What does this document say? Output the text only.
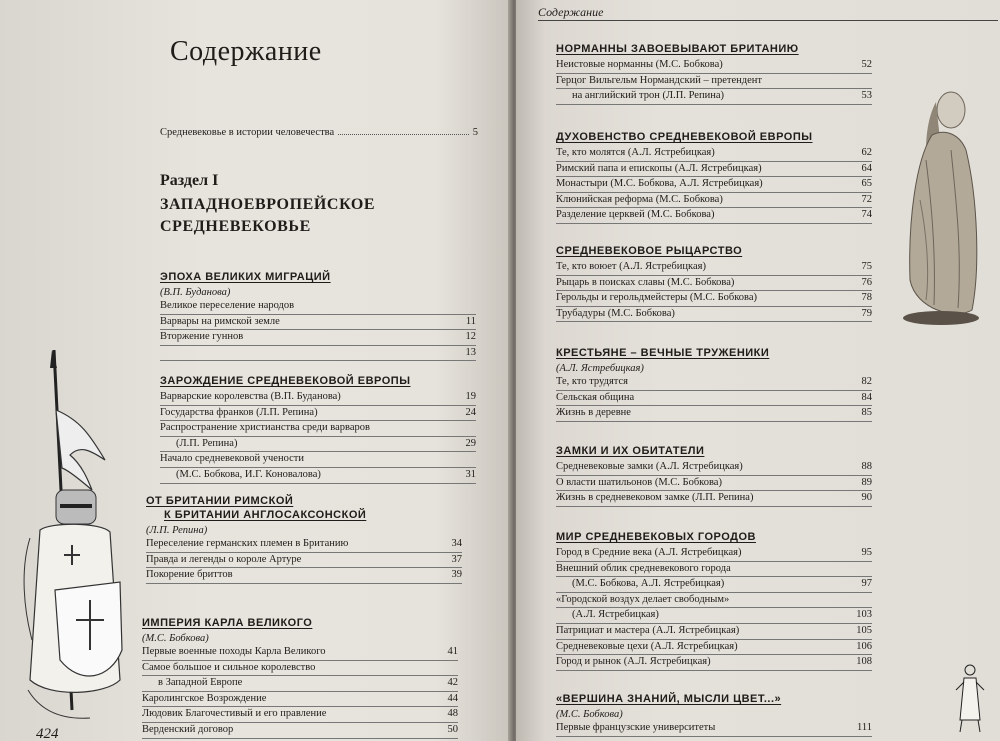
Содержание
Средневековье в истории человечества	5
Раздел I
ЗАПАДНОЕВРОПЕЙСКОЕ
СРЕДНЕВЕКОВЬЕ
ЭПОХА ВЕЛИКИХ МИГРАЦИЙ
(В.П. Буданова)
Великое переселение народов
Варвары на римской земле	11
Вторжение гуннов	12
13
ЗАРОЖДЕНИЕ СРЕДНЕВЕКОВОЙ ЕВРОПЫ
Варварские королевства (В.П. Буданова)	19
Государства франков (Л.П. Репина)	24
Распространение христианства среди варваров
(Л.П. Репина)	29
Начало средневековой учености
(М.С. Бобкова, И.Г. Коновалова)	31
ОТ БРИТАНИИ РИМСКОЙ
К БРИТАНИИ АНГЛОСАКСОНСКОЙ
(Л.П. Репина)
Переселение германских племен в Британию	34
Правда и легенды о короле Артуре	37
Покорение бриттов	39
ИМПЕРИЯ КАРЛА ВЕЛИКОГО
(М.С. Бобкова)
Первые военные походы Карла Великого	41
Самое большое и сильное королевство
в Западной Европе	42
Каролингское Возрождение	44
Людовик Благочестивый и его правление	48
Верденский договор	50
424
Содержание
НОРМАННЫ ЗАВОЕВЫВАЮТ БРИТАНИЮ
Неистовые норманны (М.С. Бобкова)	52
Герцог Вильгельм Нормандский – претендент
на английский трон (Л.П. Репина)	53
ДУХОВЕНСТВО СРЕДНЕВЕКОВОЙ ЕВРОПЫ
Те, кто молятся (А.Л. Ястребицкая)	62
Римский папа и епископы (А.Л. Ястребицкая)	64
Монастыри (М.С. Бобкова, А.Л. Ястребицкая)	65
Клюнийская реформа (М.С. Бобкова)	72
Разделение церквей (М.С. Бобкова)	74
СРЕДНЕВЕКОВОЕ РЫЦАРСТВО
Те, кто воюет (А.Л. Ястребицкая)	75
Рыцарь в поисках славы (М.С. Бобкова)	76
Герольды и герольдмейстеры (М.С. Бобкова)	78
Трубадуры (М.С. Бобкова)	79
КРЕСТЬЯНЕ – ВЕЧНЫЕ ТРУЖЕНИКИ
(А.Л. Ястребицкая)
Те, кто трудятся	82
Сельская община	84
Жизнь в деревне	85
ЗАМКИ И ИХ ОБИТАТЕЛИ
Средневековые замки (А.Л. Ястребицкая)	88
О власти шатильонов (М.С. Бобкова)	89
Жизнь в средневековом замке (Л.П. Репина)	90
МИР СРЕДНЕВЕКОВЫХ ГОРОДОВ
Город в Средние века (А.Л. Ястребицкая)	95
Внешний облик средневекового города
(М.С. Бобкова, А.Л. Ястребицкая)	97
«Городской воздух делает свободным»
(А.Л. Ястребицкая)	103
Патрициат и мастера (А.Л. Ястребицкая)	105
Средневековые цехи (А.Л. Ястребицкая)	106
Город и рынок (А.Л. Ястребицкая)	108
«ВЕРШИНА ЗНАНИЙ, МЫСЛИ ЦВЕТ...»
(М.С. Бобкова)
Первые французские университеты	111
